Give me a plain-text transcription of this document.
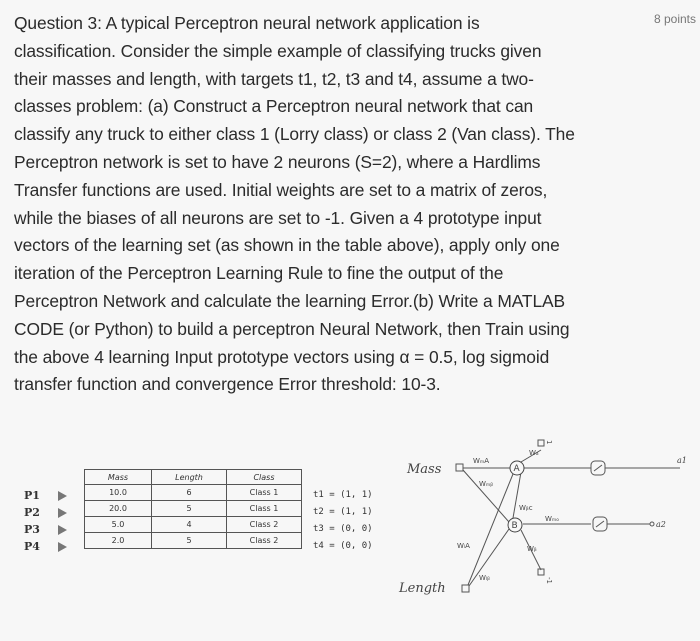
8 points
Question 3: A typical Perceptron neural network application is
classification. Consider the simple example of classifying trucks given
their masses and length, with targets t1, t2, t3 and t4, assume a two-
classes problem: (a) Construct a Perceptron neural network that can
classify any truck to either class 1 (Lorry class) or class 2 (Van class). The
Perceptron network is set to have 2 neurons (S=2), where a Hardlims
Transfer functions are used. Initial weights are set to a matrix of zeros,
while the biases of all neurons are set to -1. Given a 4 prototype input
vectors of the learning set (as shown in the table above), apply only one
iteration of the Perceptron Learning Rule to fine the output of the
Perceptron Network and calculate the learning Error.(b) Write a MATLAB
CODE (or Python) to build a perceptron Neural Network, then Train using
the above 4 learning Input prototype vectors using α = 0.5, log sigmoid
transfer function and convergence Error threshold: 10-3.
P1
P2
P3
P4
Mass	Length	Class
10.0	6	Class 1
20.0	5	Class 1
5.0	4	Class 2
2.0	5	Class 2
t1 = (1, 1)
t2 = (1, 1)
t3 = (0, 0)
t4 = (0, 0)
Mass
Length
A
B
1
-1
WₘA
Wₘᵦ
WₗA
Wₗᵦ
Wₐ
Wᵦ
Wᵦc
Wₘₒ
a1
a2
